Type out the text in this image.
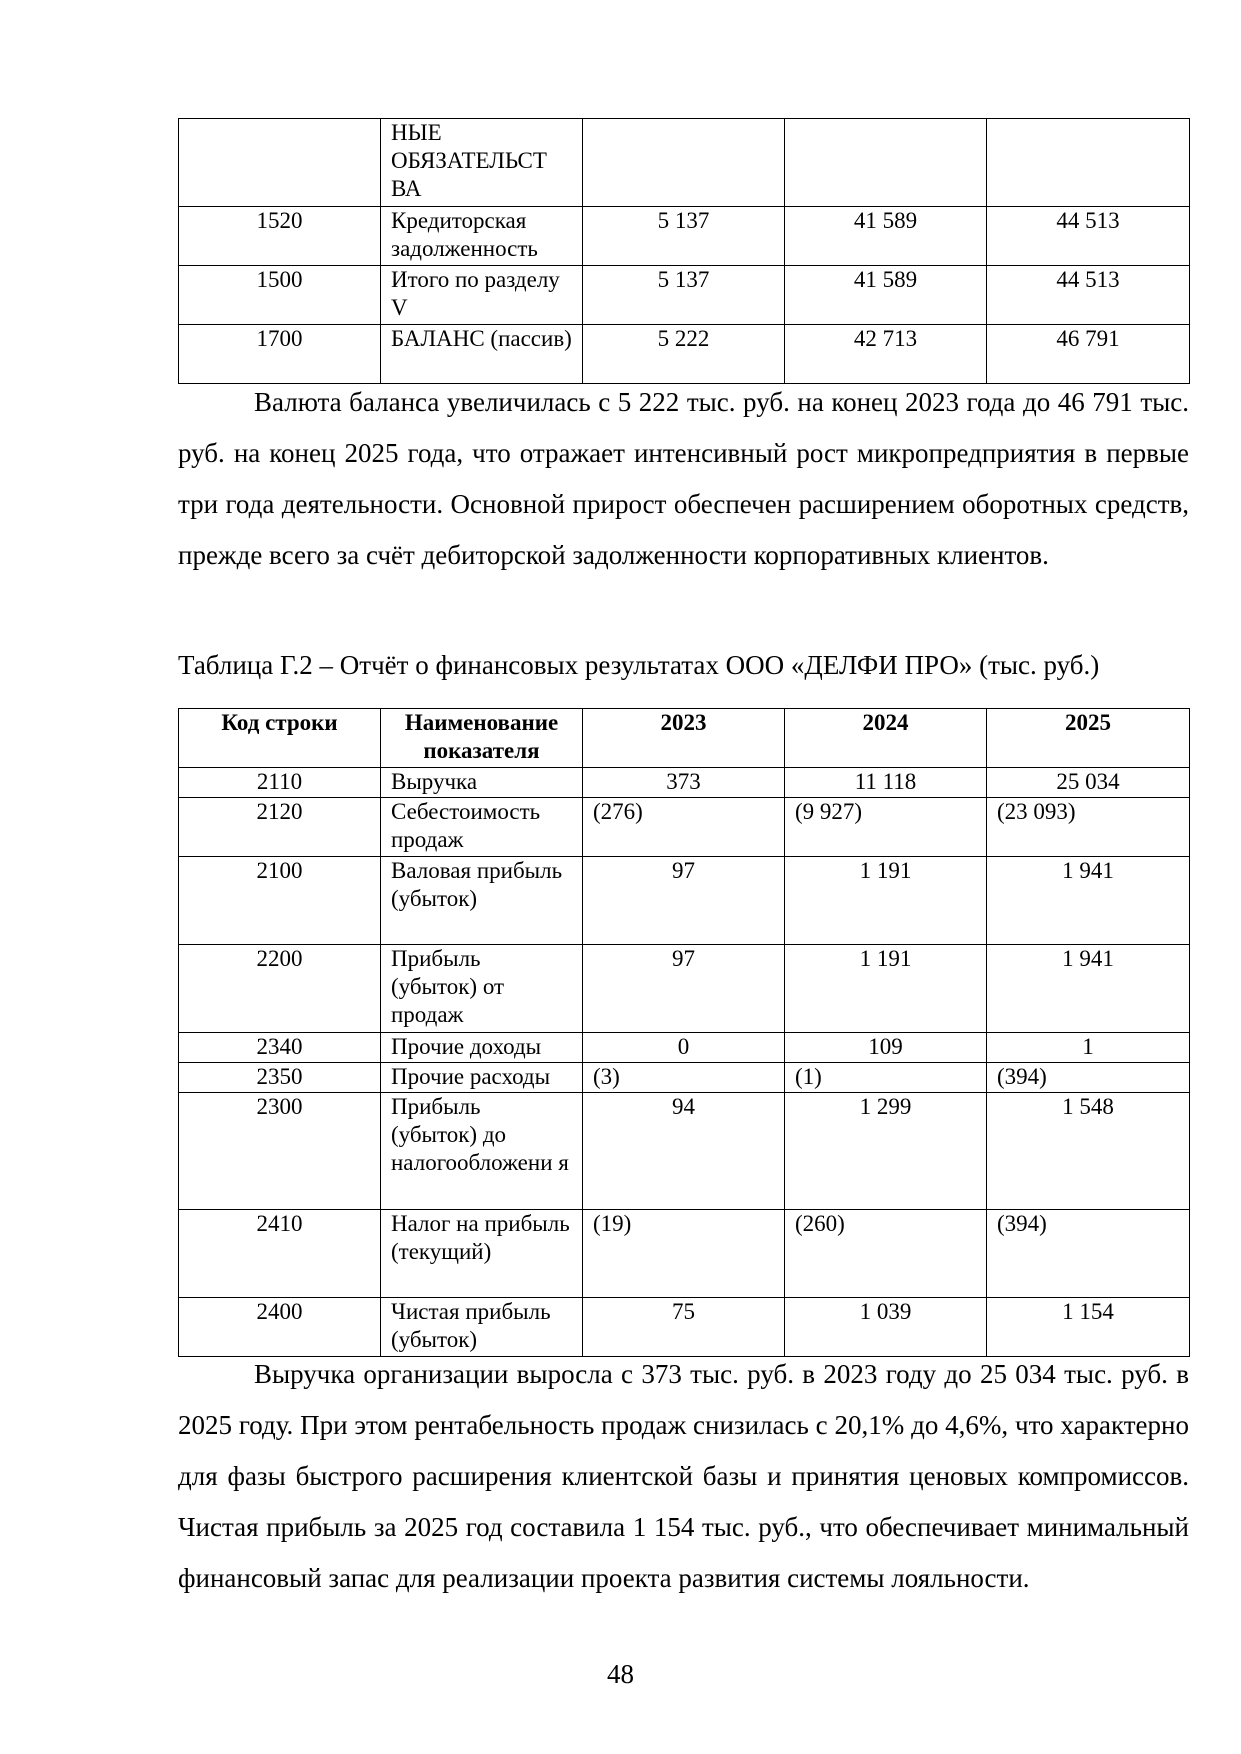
	НЫЕ ОБЯЗАТЕЛЬСТ ВА			
1520	Кредиторская задолженность	5 137	41 589	44 513
1500	Итого по разделу V	5 137	41 589	44 513
1700	БАЛАНС (пассив)	5 222	42 713	46 791

Валюта баланса увеличилась с 5 222 тыс. руб. на конец 2023 года до 46 791 тыс. руб. на конец 2025 года, что отражает интенсивный рост микропредприятия в первые три года деятельности. Основной прирост обеспечен расширением оборотных средств, прежде всего за счёт дебиторской задолженности корпоративных клиентов.

Таблица Г.2 – Отчёт о финансовых результатах ООО «ДЕЛФИ ПРО» (тыс. руб.)

Код строки	Наименование показателя	2023	2024	2025
2110	Выручка	373	11 118	25 034
2120	Себестоимость продаж	(276)	(9 927)	(23 093)
2100	Валовая прибыль (убыток)	97	1 191	1 941
2200	Прибыль (убыток) от продаж	97	1 191	1 941
2340	Прочие доходы	0	109	1
2350	Прочие расходы	(3)	(1)	(394)
2300	Прибыль (убыток) до налогообложени я	94	1 299	1 548
2410	Налог на прибыль (текущий)	(19)	(260)	(394)
2400	Чистая прибыль (убыток)	75	1 039	1 154

Выручка организации выросла с 373 тыс. руб. в 2023 году до 25 034 тыс. руб. в 2025 году. При этом рентабельность продаж снизилась с 20,1% до 4,6%, что характерно для фазы быстрого расширения клиентской базы и принятия ценовых компромиссов. Чистая прибыль за 2025 год составила 1 154 тыс. руб., что обеспечивает минимальный финансовый запас для реализации проекта развития системы лояльности.

48
